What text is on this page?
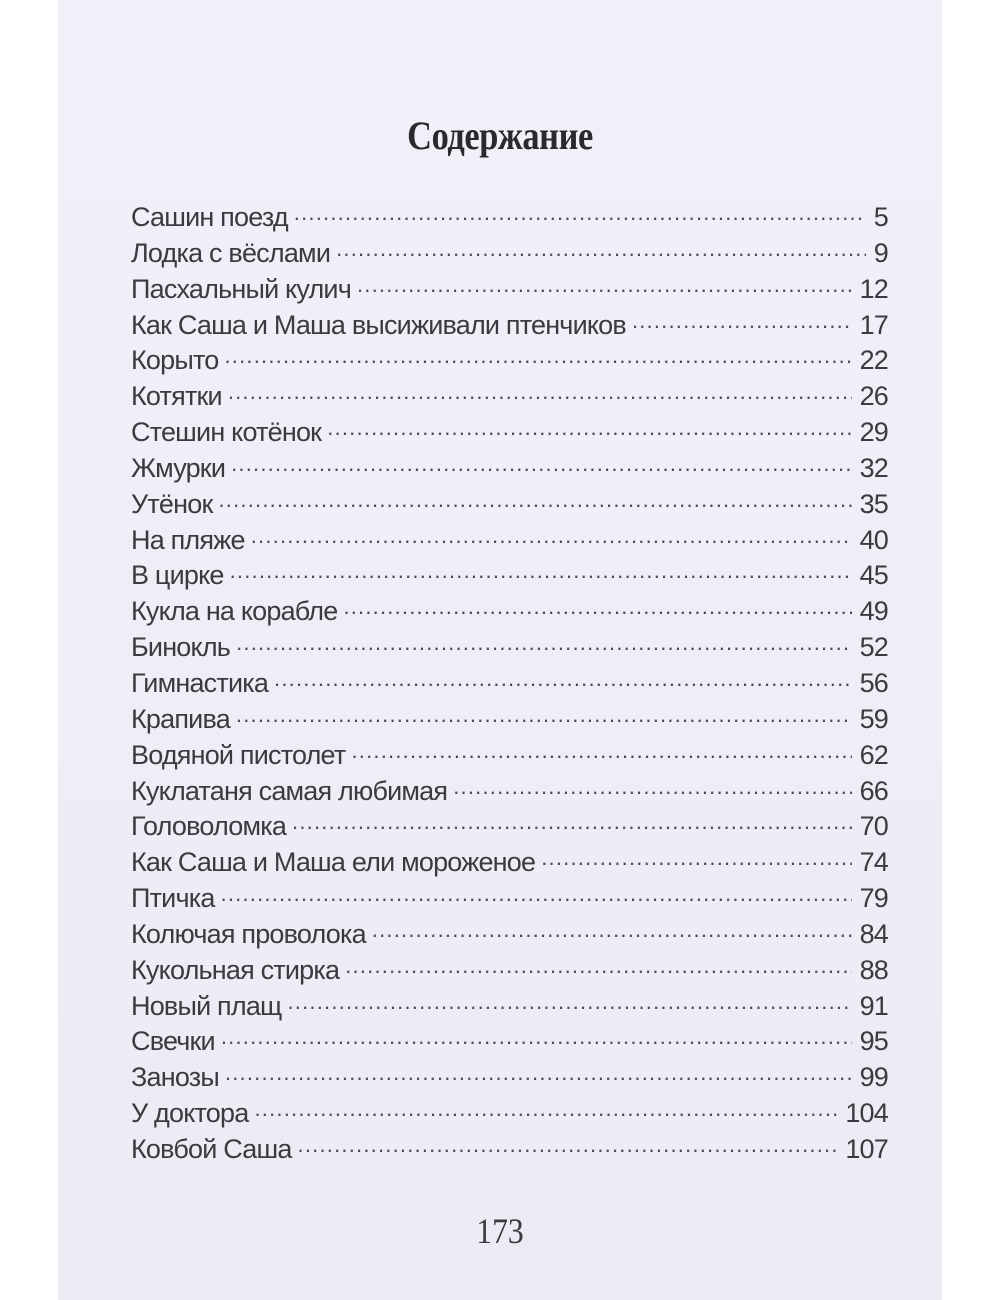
Содержание
Сашин поезд .....	5
Лодка с вёслами .....	9
Пасхальный кулич .....	12
Как Саша и Маша высиживали птенчиков .....	17
Корыто .....	22
Котятки .....	26
Стешин котёнок .....	29
Жмурки .....	32
Утёнок .....	35
На пляже .....	40
В цирке .....	45
Кукла на корабле .....	49
Бинокль .....	52
Гимнастика .....	56
Крапива .....	59
Водяной пистолет .....	62
Куклатаня самая любимая .....	66
Головоломка .....	70
Как Саша и Маша ели мороженое .....	74
Птичка .....	79
Колючая проволока .....	84
Кукольная стирка .....	88
Новый плащ .....	91
Свечки .....	95
Занозы .....	99
У доктора .....	104
Ковбой Саша .....	107
173
